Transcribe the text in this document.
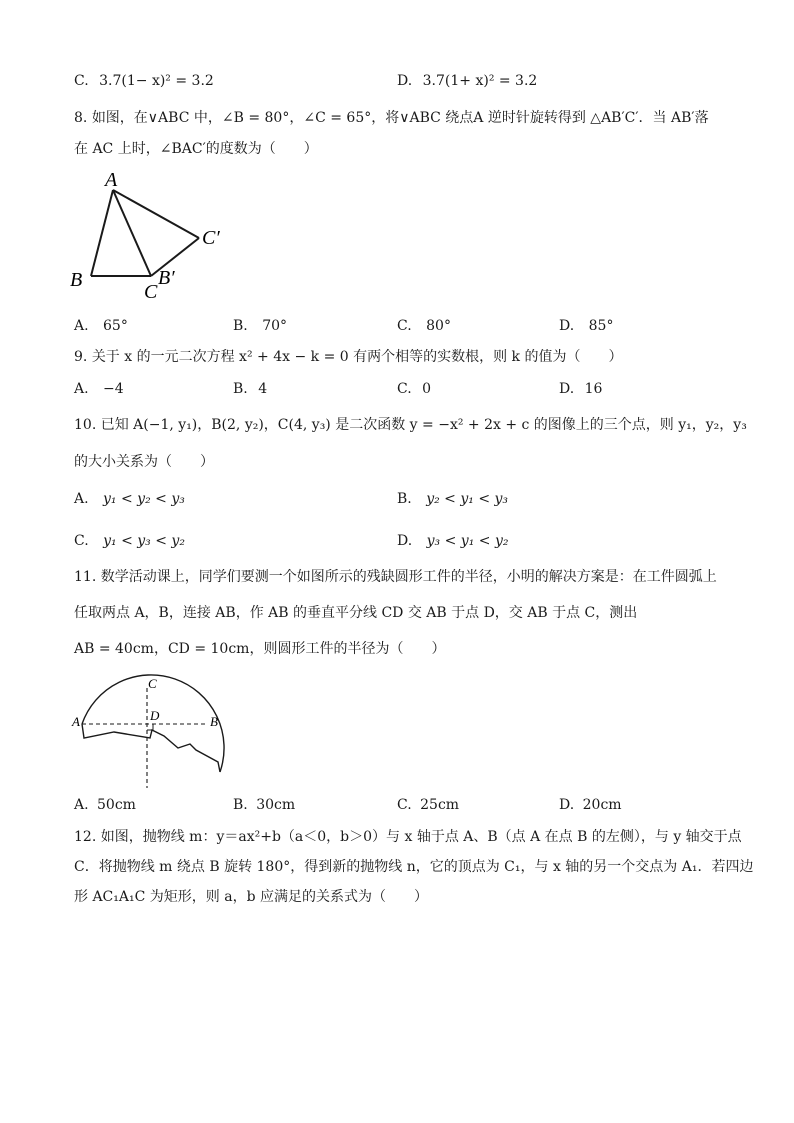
C. 3.7(1− x)² = 3.2	D. 3.7(1+ x)² = 3.2
8. 如图，在∨ABC 中，∠B = 80°，∠C = 65°，将∨ABC 绕点A 逆时针旋转得到 △AB′C′．当 AB′落
在 AC 上时，∠BAC′的度数为（　　）
A
B
C
B′
C′
A. 65°	B. 70°	C. 80°	D. 85°
9. 关于 x 的一元二次方程 x² + 4x − k = 0 有两个相等的实数根，则 k 的值为（　　）
A. −4	B. 4	C. 0	D. 16
10. 已知 A(−1, y₁)，B(2, y₂)，C(4, y₃) 是二次函数 y = −x² + 2x + c 的图像上的三个点，则 y₁，y₂，y₃
的大小关系为（　　）
A. y₁ < y₂ < y₃	B. y₂ < y₁ < y₃
C. y₁ < y₃ < y₂	D. y₃ < y₁ < y₂
11. 数学活动课上，同学们要测一个如图所示的残缺圆形工件的半径，小明的解决方案是：在工件圆弧上
任取两点 A，B，连接 AB，作 AB 的垂直平分线 CD 交 AB 于点 D，交 AB 于点 C，测出
AB = 40cm，CD = 10cm，则圆形工件的半径为（　　）
C
D
A	B
A. 50cm	B. 30cm	C. 25cm	D. 20cm
12. 如图，抛物线 m：y＝ax²+b（a＜0，b＞0）与 x 轴于点 A、B（点 A 在点 B 的左侧），与 y 轴交于点
C．将抛物线 m 绕点 B 旋转 180°，得到新的抛物线 n，它的顶点为 C₁，与 x 轴的另一个交点为 A₁．若四边
形 AC₁A₁C 为矩形，则 a，b 应满足的关系式为（　　）
